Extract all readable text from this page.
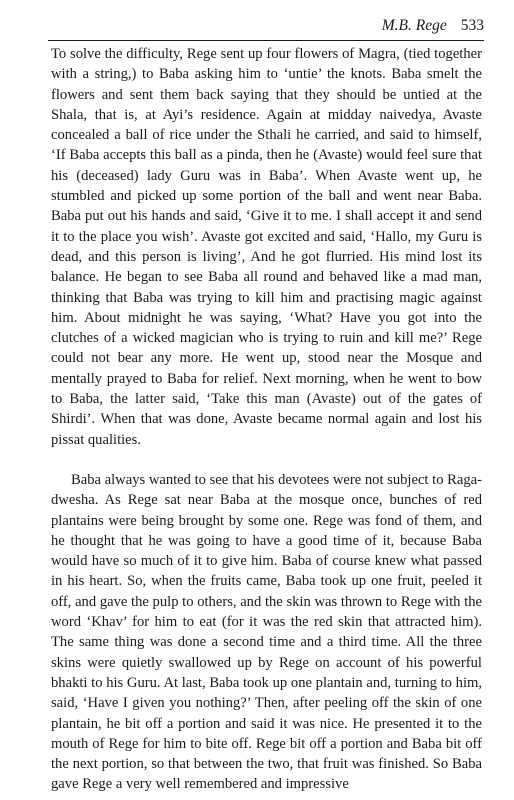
M.B. Rege 533

To solve the difficulty, Rege sent up four flowers of Magra, (tied together with a string,) to Baba asking him to ‘untie’ the knots. Baba smelt the flowers and sent them back saying that they should be untied at the Shala, that is, at Ayi’s residence. Again at midday naivedya, Avaste concealed a ball of rice under the Sthali he carried, and said to himself, ‘If Baba accepts this ball as a pinda, then he (Avaste) would feel sure that his (deceased) lady Guru was in Baba’. When Avaste went up, he stumbled and picked up some portion of the ball and went near Baba. Baba put out his hands and said, ‘Give it to me. I shall accept it and send it to the place you wish’. Avaste got excited and said, ‘Hallo, my Guru is dead, and this person is living’, And he got flurried. His mind lost its balance. He began to see Baba all round and behaved like a mad man, thinking that Baba was trying to kill him and practising magic against him. About midnight he was saying, ‘What? Have you got into the clutches of a wicked magician who is trying to ruin and kill me?’ Rege could not bear any more. He went up, stood near the Mosque and mentally prayed to Baba for relief. Next morning, when he went to bow to Baba, the latter said, ‘Take this man (Avaste) out of the gates of Shirdi’. When that was done, Avaste became normal again and lost his pissat qualities.

Baba always wanted to see that his devotees were not subject to Raga-dwesha. As Rege sat near Baba at the mosque once, bunches of red plantains were being brought by some one. Rege was fond of them, and he thought that he was going to have a good time of it, because Baba would have so much of it to give him. Baba of course knew what passed in his heart. So, when the fruits came, Baba took up one fruit, peeled it off, and gave the pulp to others, and the skin was thrown to Rege with the word ‘Khav’ for him to eat (for it was the red skin that attracted him). The same thing was done a second time and a third time. All the three skins were quietly swallowed up by Rege on account of his powerful bhakti to his Guru. At last, Baba took up one plantain and, turning to him, said, ‘Have I given you nothing?’ Then, after peeling off the skin of one plantain, he bit off a portion and said it was nice. He presented it to the mouth of Rege for him to bite off. Rege bit off a portion and Baba bit off the next portion, so that between the two, that fruit was finished. So Baba gave Rege a very well remembered and impressive
